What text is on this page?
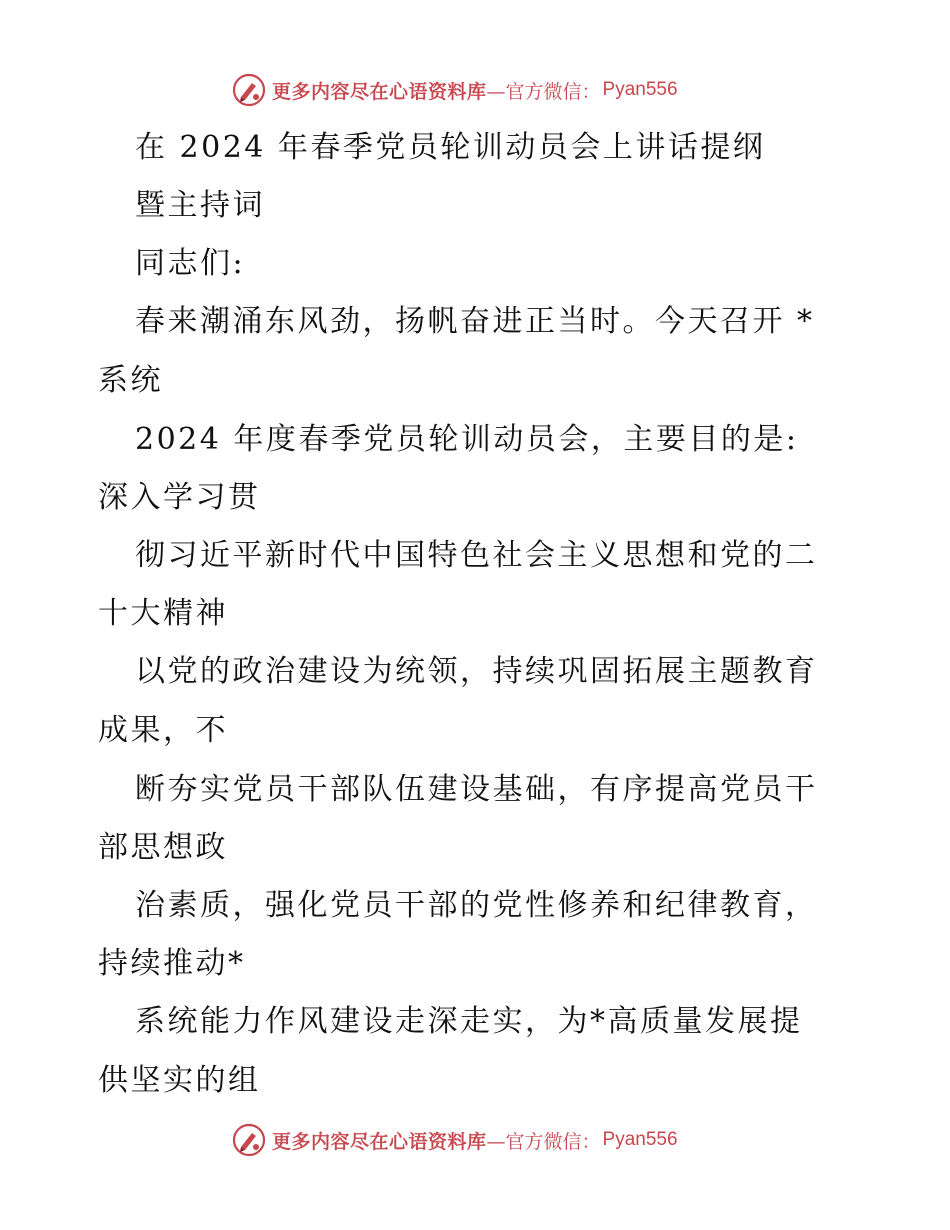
更多内容尽在心语资料库 —官方微信： Pyan556
在 2024 年春季党员轮训动员会上讲话提纲
暨主持词
同志们:
春来潮涌东风劲，扬帆奋进正当时。今天召开 *
系统
2024 年度春季党员轮训动员会，主要目的是:
深入学习贯
彻习近平新时代中国特色社会主义思想和党的二
十大精神
以党的政治建设为统领，持续巩固拓展主题教育
成果，不
断夯实党员干部队伍建设基础，有序提高党员干
部思想政
治素质，强化党员干部的党性修养和纪律教育，
持续推动*
系统能力作风建设走深走实，为*高质量发展提
供坚实的组
更多内容尽在心语资料库 —官方微信： Pyan556
